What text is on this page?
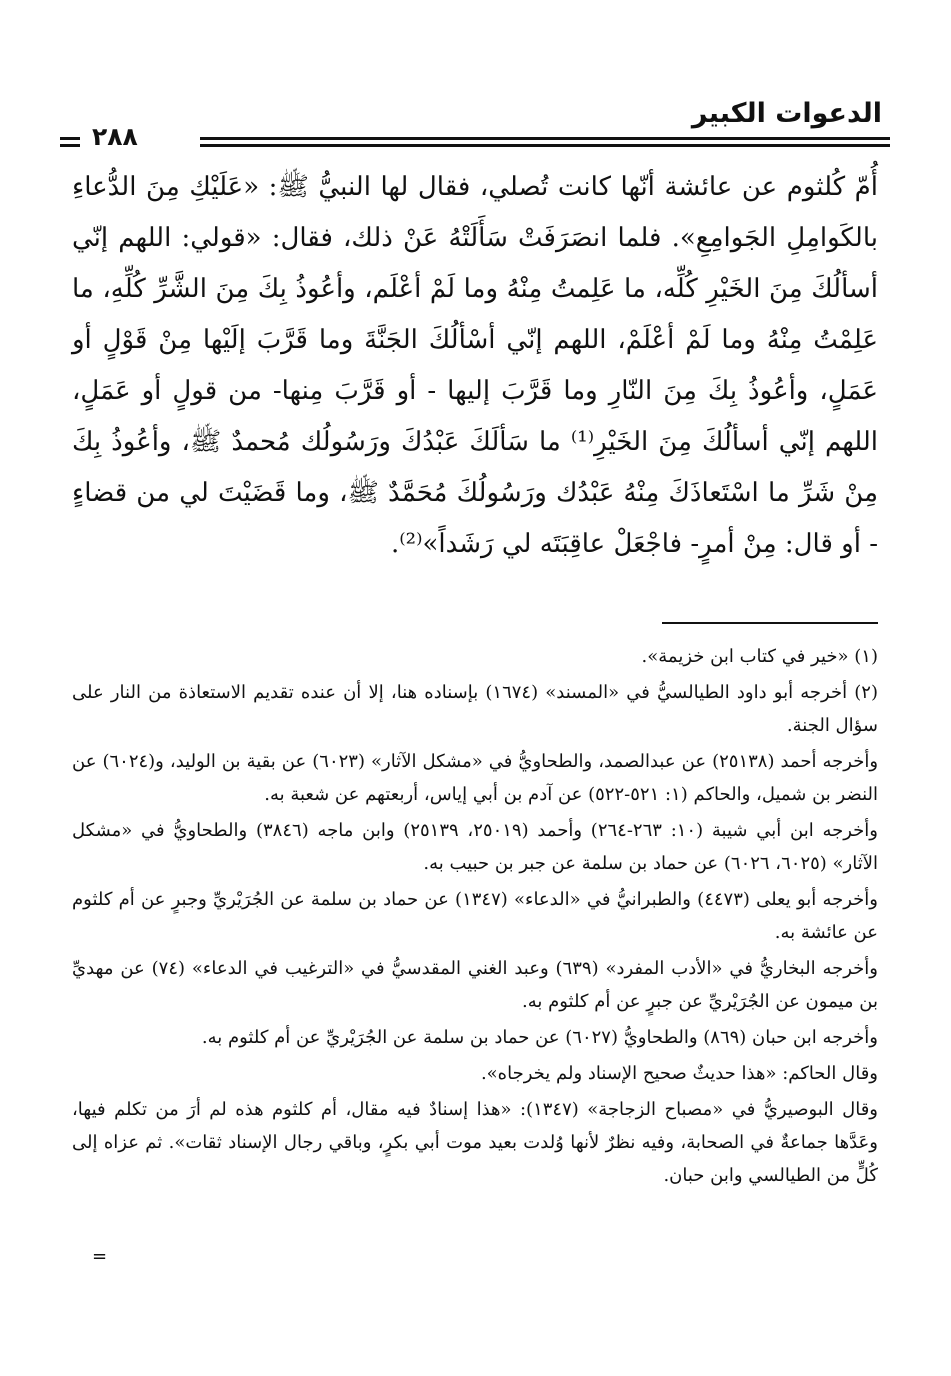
الدعوات الكبير
٢٨٨

أُمّ كُلثوم عن عائشة أنّها كانت تُصلي، فقال لها النبيُّ ﷺ: «عَلَيْكِ مِنَ الدُّعاءِ بالكَوامِلِ الجَوامِعِ». فلما انصَرَفَتْ سَأَلَتْهُ عَنْ ذلك، فقال: «قولي: اللهم إنّي أسألُكَ مِنَ الخَيْرِ كُلِّه، ما عَلِمتُ مِنْهُ وما لَمْ أعْلَم، وأعُوذُ بِكَ مِنَ الشَّرِّ كُلِّهِ، ما عَلِمْتُ مِنْهُ وما لَمْ أعْلَمْ، اللهم إنّي أسْألُكَ الجَنَّةَ وما قَرَّبَ إلَيْها مِنْ قَوْلٍ أو عَمَلٍ، وأعُوذُ بِكَ مِنَ النّارِ وما قَرَّبَ إليها - أو قَرَّبَ مِنها- من قولٍ أو عَمَلٍ، اللهم إنّي أسألُكَ مِنَ الخَيْرِ⁽¹⁾ ما سَألَكَ عَبْدُكَ ورَسُولُك مُحمدٌ ﷺ، وأعُوذُ بِكَ مِنْ شَرِّ ما اسْتَعاذَكَ مِنْهُ عَبْدُك ورَسُولُكَ مُحَمَّدٌ ﷺ، وما قَضَيْتَ لي من قضاءٍ - أو قال: مِنْ أمرٍ- فاجْعَلْ عاقِبَتَه لي رَشَداً»⁽²⁾.

(١) «خير في كتاب ابن خزيمة».

(٢) أخرجه أبو داود الطيالسيُّ في «المسند» (١٦٧٤) بإسناده هنا، إلا أن عنده تقديم الاستعاذة من النار على سؤال الجنة.

وأخرجه أحمد (٢٥١٣٨) عن عبدالصمد، والطحاويُّ في «مشكل الآثار» (٦٠٢٣) عن بقية بن الوليد، و(٦٠٢٤) عن النضر بن شميل، والحاكم (١: ٥٢١-٥٢٢) عن آدم بن أبي إياس، أربعتهم عن شعبة به.

وأخرجه ابن أبي شيبة (١٠: ٢٦٣-٢٦٤) وأحمد (٢٥٠١٩، ٢٥١٣٩) وابن ماجه (٣٨٤٦) والطحاويُّ في «مشكل الآثار» (٦٠٢٥، ٦٠٢٦) عن حماد بن سلمة عن جبر بن حبيب به.

وأخرجه أبو يعلى (٤٤٧٣) والطبرانيُّ في «الدعاء» (١٣٤٧) عن حماد بن سلمة عن الجُرَيْريِّ وجبرٍ عن أم كلثوم عن عائشة به.

وأخرجه البخاريُّ في «الأدب المفرد» (٦٣٩) وعبد الغني المقدسيُّ في «الترغيب في الدعاء» (٧٤) عن مهديِّ بن ميمون عن الجُرَيْريِّ عن جبرٍ عن أم كلثوم به.

وأخرجه ابن حبان (٨٦٩) والطحاويُّ (٦٠٢٧) عن حماد بن سلمة عن الجُرَيْريِّ عن أم كلثوم به.

وقال الحاكم: «هذا حديثٌ صحيح الإسناد ولم يخرجاه».

وقال البوصيريُّ في «مصباح الزجاجة» (١٣٤٧): «هذا إسنادٌ فيه مقال، أم كلثوم هذه لم أرَ من تكلم فيها، وعَدَّها جماعةٌ في الصحابة، وفيه نظرٌ لأنها وُلدت بعيد موت أبي بكرٍ، وباقي رجال الإسناد ثقات». ثم عزاه إلى كُلٍّ من الطيالسي وابن حبان.

=
